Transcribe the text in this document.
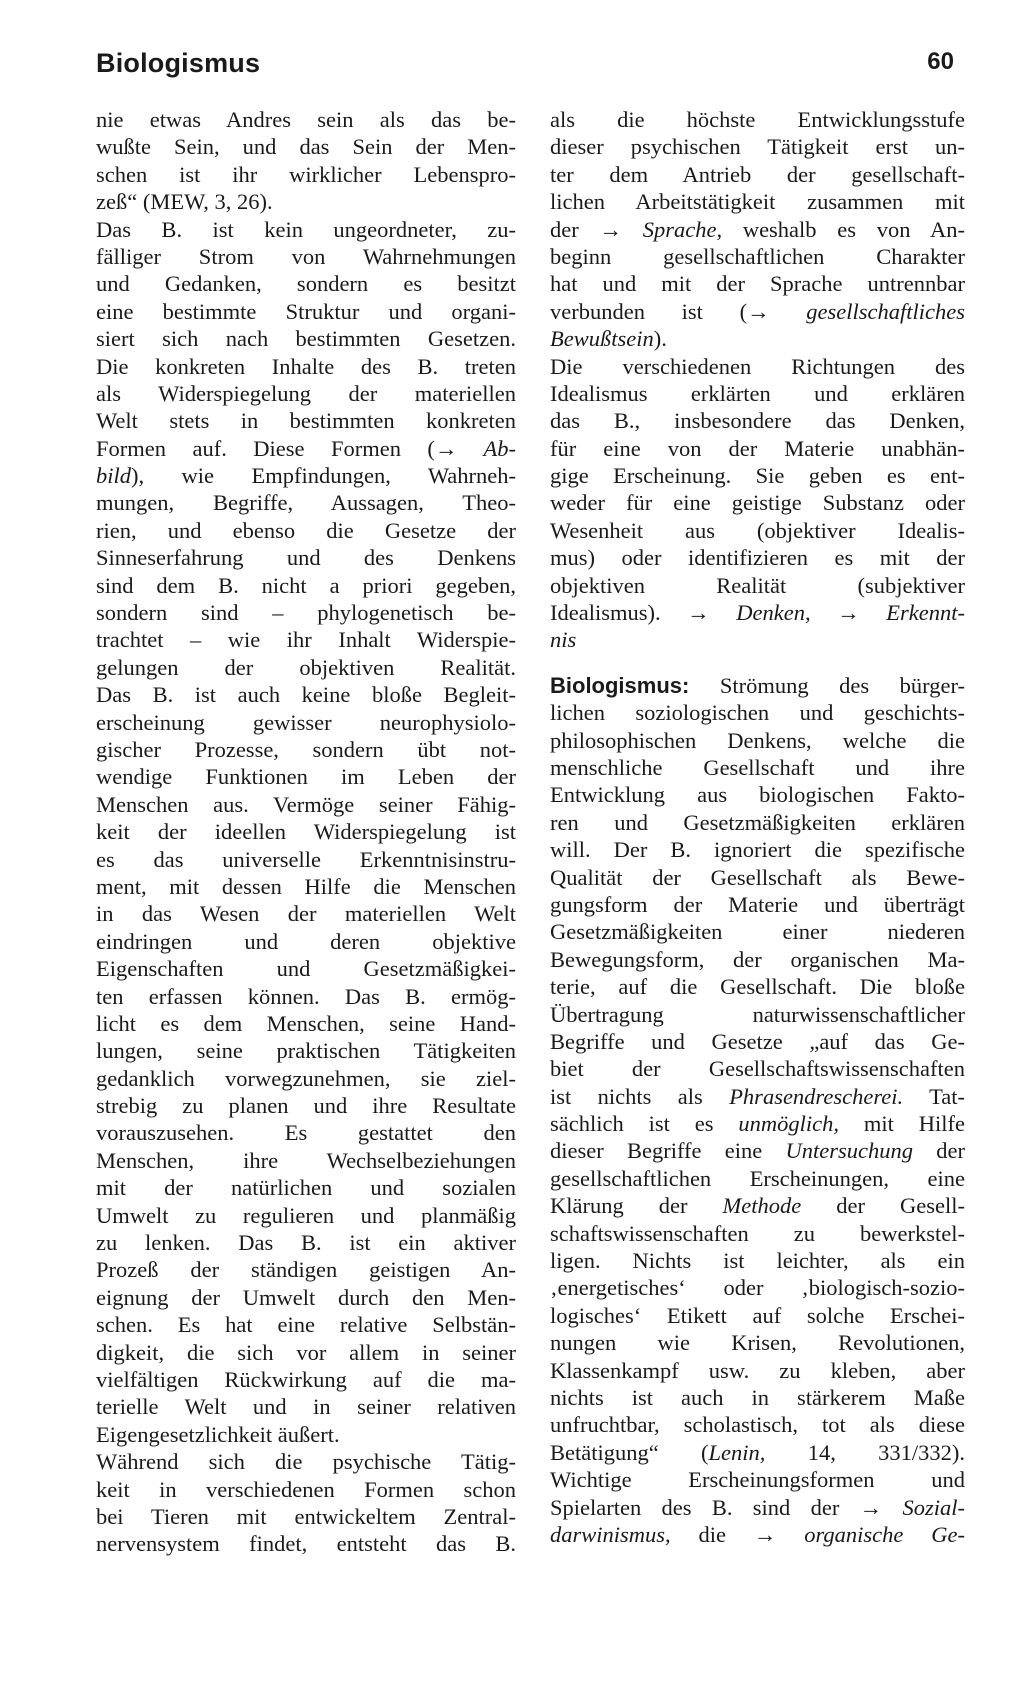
Biologismus	60
nie etwas Andres sein als das be-
wußte Sein, und das Sein der Men-
schen ist ihr wirklicher Lebenspro-
zeß“ (MEW, 3, 26).
Das B. ist kein ungeordneter, zu-
fälliger Strom von Wahrnehmungen
und Gedanken, sondern es besitzt
eine bestimmte Struktur und organi-
siert sich nach bestimmten Gesetzen.
Die konkreten Inhalte des B. treten
als Widerspiegelung der materiellen
Welt stets in bestimmten konkreten
Formen auf. Diese Formen (→ Ab-
bild), wie Empfindungen, Wahrneh-
mungen, Begriffe, Aussagen, Theo-
rien, und ebenso die Gesetze der
Sinneserfahrung und des Denkens
sind dem B. nicht a priori gegeben,
sondern sind – phylogenetisch be-
trachtet – wie ihr Inhalt Widerspie-
gelungen der objektiven Realität.
Das B. ist auch keine bloße Begleit-
erscheinung gewisser neurophysiolo-
gischer Prozesse, sondern übt not-
wendige Funktionen im Leben der
Menschen aus. Vermöge seiner Fähig-
keit der ideellen Widerspiegelung ist
es das universelle Erkenntnisinstru-
ment, mit dessen Hilfe die Menschen
in das Wesen der materiellen Welt
eindringen und deren objektive
Eigenschaften und Gesetzmäßigkei-
ten erfassen können. Das B. ermög-
licht es dem Menschen, seine Hand-
lungen, seine praktischen Tätigkeiten
gedanklich vorwegzunehmen, sie ziel-
strebig zu planen und ihre Resultate
vorauszusehen. Es gestattet den
Menschen, ihre Wechselbeziehungen
mit der natürlichen und sozialen
Umwelt zu regulieren und planmäßig
zu lenken. Das B. ist ein aktiver
Prozeß der ständigen geistigen An-
eignung der Umwelt durch den Men-
schen. Es hat eine relative Selbstän-
digkeit, die sich vor allem in seiner
vielfältigen Rückwirkung auf die ma-
terielle Welt und in seiner relativen
Eigengesetzlichkeit äußert.
Während sich die psychische Tätig-
keit in verschiedenen Formen schon
bei Tieren mit entwickeltem Zentral-
nervensystem findet, entsteht das B.
als die höchste Entwicklungsstufe
dieser psychischen Tätigkeit erst un-
ter dem Antrieb der gesellschaft-
lichen Arbeitstätigkeit zusammen mit
der → Sprache, weshalb es von An-
beginn gesellschaftlichen Charakter
hat und mit der Sprache untrennbar
verbunden ist (→ gesellschaftliches
Bewußtsein).
Die verschiedenen Richtungen des
Idealismus erklärten und erklären
das B., insbesondere das Denken,
für eine von der Materie unabhän-
gige Erscheinung. Sie geben es ent-
weder für eine geistige Substanz oder
Wesenheit aus (objektiver Idealis-
mus) oder identifizieren es mit der
objektiven Realität (subjektiver
Idealismus). → Denken, → Erkennt-
nis
Biologismus: Strömung des bürger-
lichen soziologischen und geschichts-
philosophischen Denkens, welche die
menschliche Gesellschaft und ihre
Entwicklung aus biologischen Fakto-
ren und Gesetzmäßigkeiten erklären
will. Der B. ignoriert die spezifische
Qualität der Gesellschaft als Bewe-
gungsform der Materie und überträgt
Gesetzmäßigkeiten einer niederen
Bewegungsform, der organischen Ma-
terie, auf die Gesellschaft. Die bloße
Übertragung naturwissenschaftlicher
Begriffe und Gesetze „auf das Ge-
biet der Gesellschaftswissenschaften
ist nichts als Phrasendrescherei. Tat-
sächlich ist es unmöglich, mit Hilfe
dieser Begriffe eine Untersuchung der
gesellschaftlichen Erscheinungen, eine
Klärung der Methode der Gesell-
schaftswissenschaften zu bewerkstel-
ligen. Nichts ist leichter, als ein
‚energetisches‘ oder ‚biologisch-sozio-
logisches‘ Etikett auf solche Erschei-
nungen wie Krisen, Revolutionen,
Klassenkampf usw. zu kleben, aber
nichts ist auch in stärkerem Maße
unfruchtbar, scholastisch, tot als diese
Betätigung“ (Lenin, 14, 331/332).
Wichtige Erscheinungsformen und
Spielarten des B. sind der → Sozial-
darwinismus, die → organische Ge-
